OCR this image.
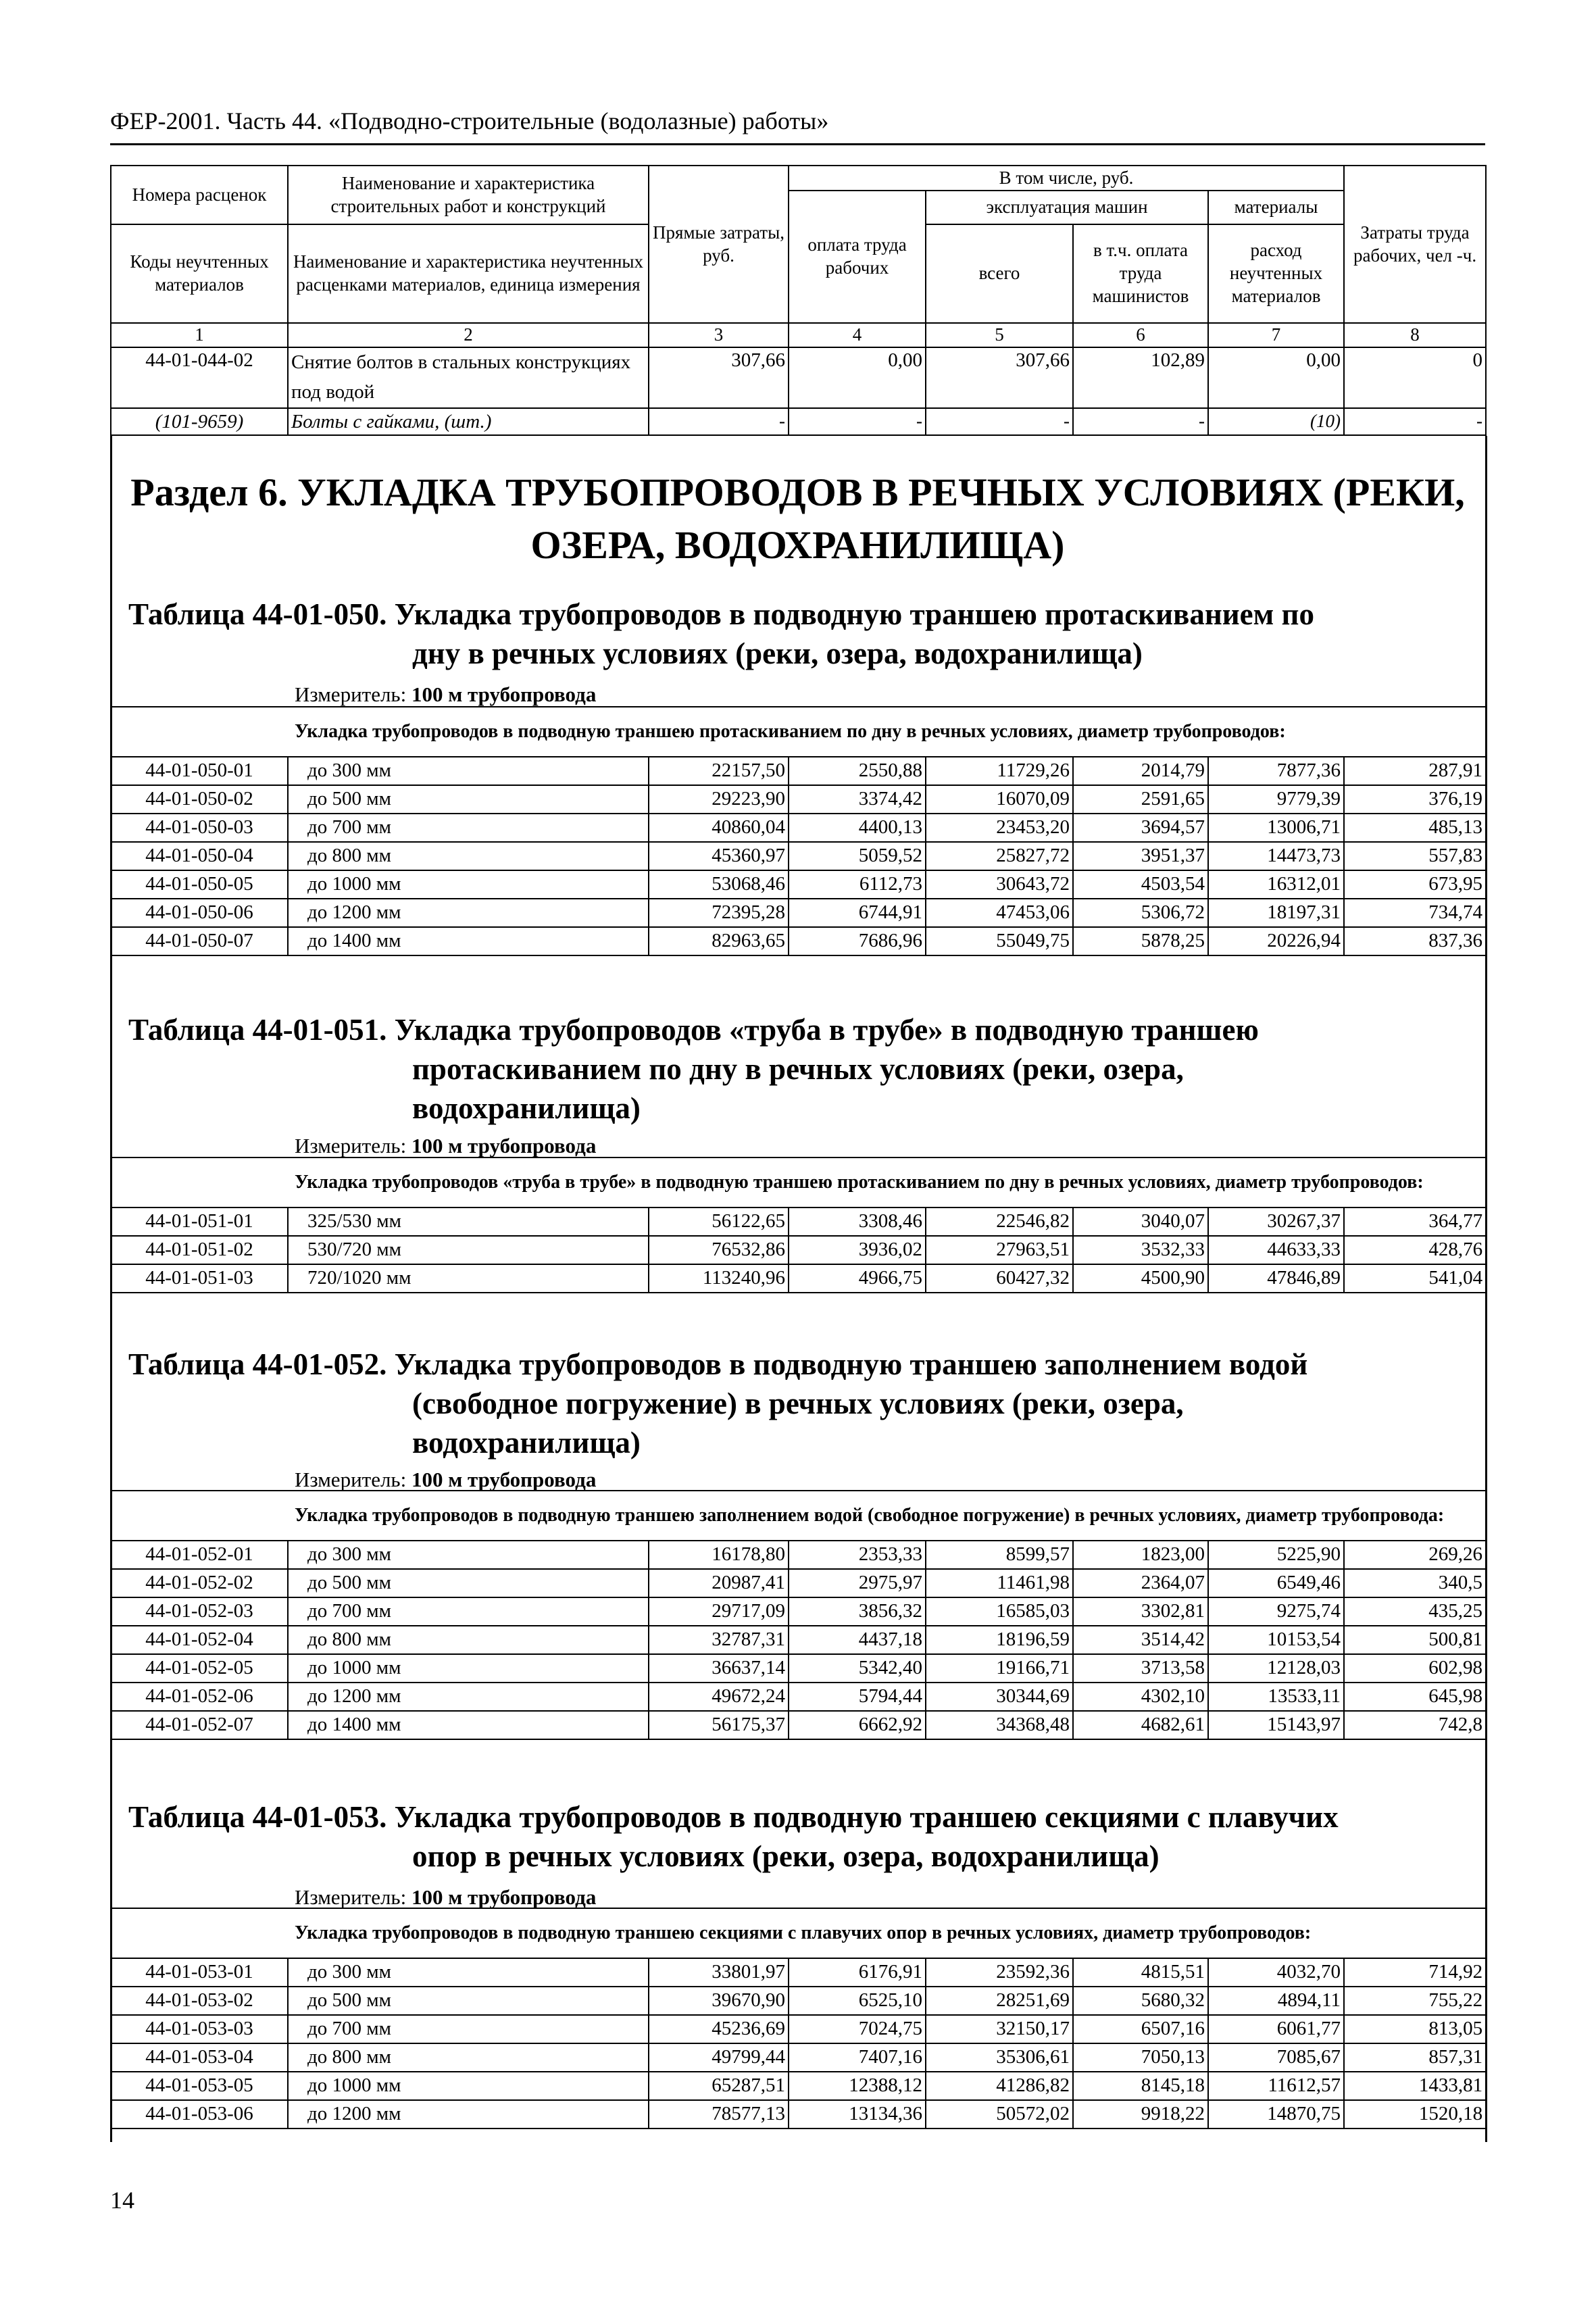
ФЕР-2001. Часть 44. «Подводно-строительные (водолазные) работы»
Номера расценок	Наименование и характеристика строительных работ и конструкций	Прямые затраты, руб.	В том числе, руб.				Затраты труда рабочих, чел -ч.
			оплата труда рабочих	эксплуатация машин		материалы	
Коды неучтенных материалов	Наименование и характеристика неучтенных расценками материалов, единица измерения			всего	в т.ч. оплата труда машинистов	расход неучтенных материалов	
1	2	3	4	5	6	7	8
44-01-044-02	Снятие болтов в стальных конструкциях под водой	307,66	0,00	307,66	102,89	0,00	0
(101-9659)	Болты с гайками, (шт.)	-	-	-	-	(10)	-
Раздел 6. УКЛАДКА ТРУБОПРОВОДОВ В РЕЧНЫХ УСЛОВИЯХ (РЕКИ,
ОЗЕРА, ВОДОХРАНИЛИЩА)
Таблица 44-01-050. Укладка трубопроводов в подводную траншею протаскиванием по
дну в речных условиях (реки, озера, водохранилища)
Измеритель: 100 м трубопровода
Укладка трубопроводов в подводную траншею протаскиванием по дну в речных условиях, диаметр трубопроводов:							
44-01-050-01	до 300 мм	22157,50	2550,88	11729,26	2014,79	7877,36	287,91
44-01-050-02	до 500 мм	29223,90	3374,42	16070,09	2591,65	9779,39	376,19
44-01-050-03	до 700 мм	40860,04	4400,13	23453,20	3694,57	13006,71	485,13
44-01-050-04	до 800 мм	45360,97	5059,52	25827,72	3951,37	14473,73	557,83
44-01-050-05	до 1000 мм	53068,46	6112,73	30643,72	4503,54	16312,01	673,95
44-01-050-06	до 1200 мм	72395,28	6744,91	47453,06	5306,72	18197,31	734,74
44-01-050-07	до 1400 мм	82963,65	7686,96	55049,75	5878,25	20226,94	837,36
Таблица 44-01-051. Укладка трубопроводов «труба в трубе» в подводную траншею
протаскиванием по дну в речных условиях (реки, озера,
водохранилища)
Измеритель: 100 м трубопровода
Укладка трубопроводов «труба в трубе» в подводную траншею протаскиванием по дну в речных условиях, диаметр трубопроводов:							
44-01-051-01	325/530 мм	56122,65	3308,46	22546,82	3040,07	30267,37	364,77
44-01-051-02	530/720 мм	76532,86	3936,02	27963,51	3532,33	44633,33	428,76
44-01-051-03	720/1020 мм	113240,96	4966,75	60427,32	4500,90	47846,89	541,04
Таблица 44-01-052. Укладка трубопроводов в подводную траншею заполнением водой
(свободное погружение) в речных условиях (реки, озера,
водохранилища)
Измеритель: 100 м трубопровода
Укладка трубопроводов в подводную траншею заполнением водой (свободное погружение) в речных условиях, диаметр трубопровода:							
44-01-052-01	до 300 мм	16178,80	2353,33	8599,57	1823,00	5225,90	269,26
44-01-052-02	до 500 мм	20987,41	2975,97	11461,98	2364,07	6549,46	340,5
44-01-052-03	до 700 мм	29717,09	3856,32	16585,03	3302,81	9275,74	435,25
44-01-052-04	до 800 мм	32787,31	4437,18	18196,59	3514,42	10153,54	500,81
44-01-052-05	до 1000 мм	36637,14	5342,40	19166,71	3713,58	12128,03	602,98
44-01-052-06	до 1200 мм	49672,24	5794,44	30344,69	4302,10	13533,11	645,98
44-01-052-07	до 1400 мм	56175,37	6662,92	34368,48	4682,61	15143,97	742,8
Таблица 44-01-053. Укладка трубопроводов в подводную траншею секциями с плавучих
опор в речных условиях (реки, озера, водохранилища)
Измеритель: 100 м трубопровода
Укладка трубопроводов в подводную траншею секциями с плавучих опор в речных условиях, диаметр трубопроводов:							
44-01-053-01	до 300 мм	33801,97	6176,91	23592,36	4815,51	4032,70	714,92
44-01-053-02	до 500 мм	39670,90	6525,10	28251,69	5680,32	4894,11	755,22
44-01-053-03	до 700 мм	45236,69	7024,75	32150,17	6507,16	6061,77	813,05
44-01-053-04	до 800 мм	49799,44	7407,16	35306,61	7050,13	7085,67	857,31
44-01-053-05	до 1000 мм	65287,51	12388,12	41286,82	8145,18	11612,57	1433,81
44-01-053-06	до 1200 мм	78577,13	13134,36	50572,02	9918,22	14870,75	1520,18
14
